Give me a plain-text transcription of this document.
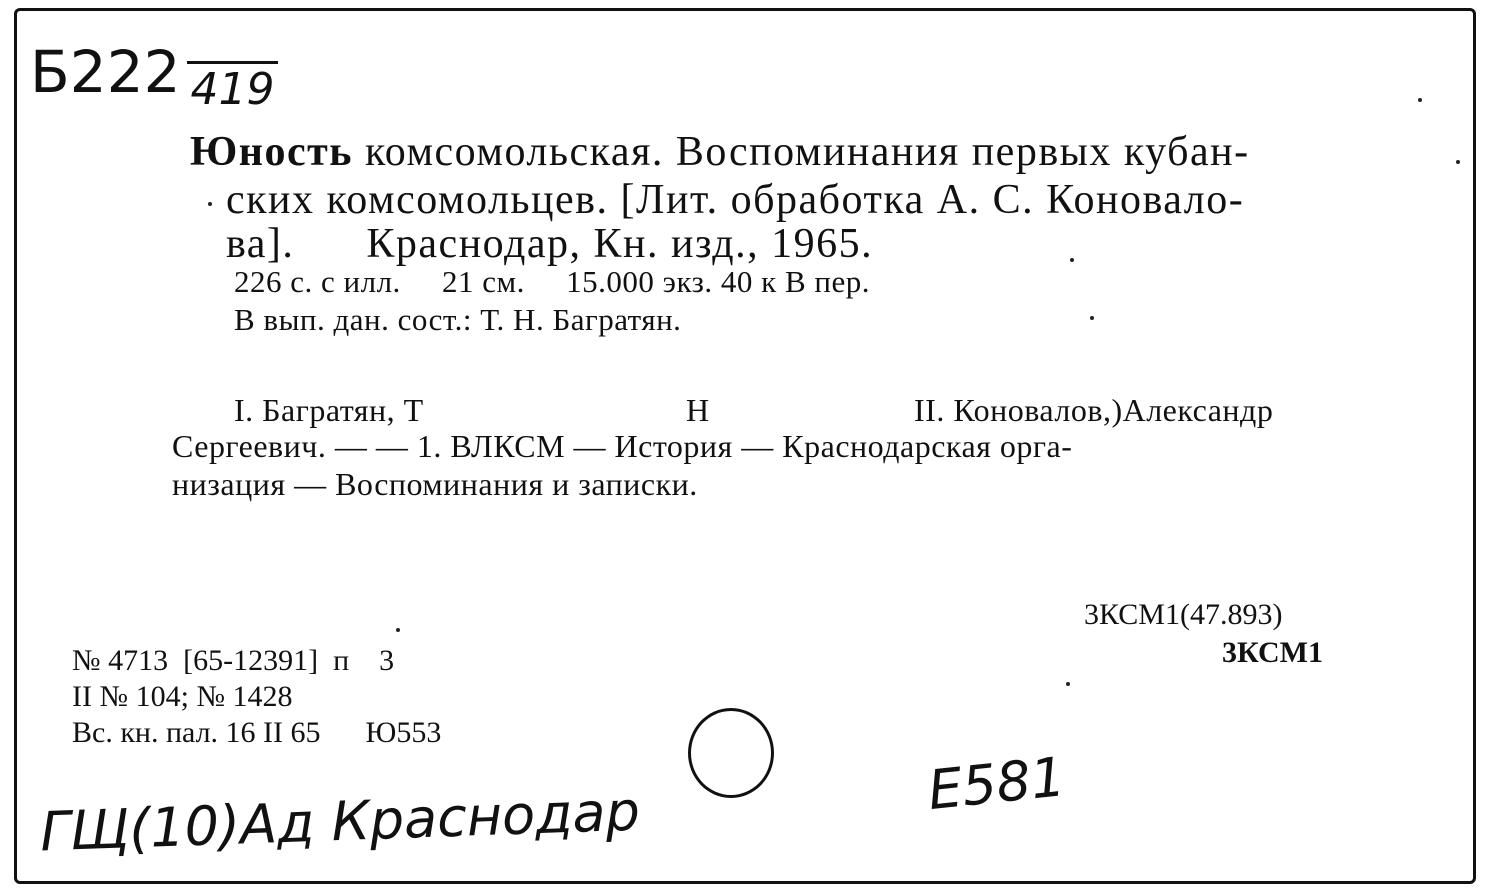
Б222 $_{419}$
Юность комсомольская. Воспоминания первых кубан-
ских комсомольцев. [Лит. обработка А. С. Коновало-
ва].      Краснодар, Кн. изд., 1965.
226 с. с илл.     21 см.     15.000 экз. 40 к В пер.
В вып. дан. сост.: Т. Н. Багратян.
I. Багратян, Т	Н	II. Коновалов,)Александр
Сергеевич. — — 1. ВЛКСМ — История — Краснодарская орга-
низация — Воспоминания и записки.
3КСМ1(47.893)
3КСМ1
№ 4713  [65-12391]  п    3
II № 104; № 1428
Вс. кн. пал. 16 II 65      Ю553
ГЩ(10)Ад Краснодар	Е581
